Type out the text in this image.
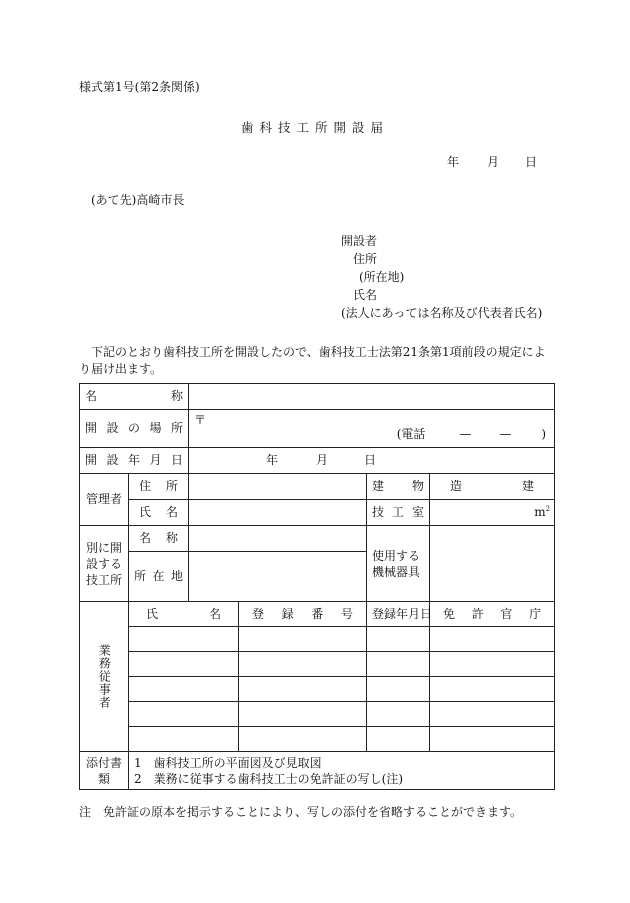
様式第1号(第2条関係)
歯科技工所開設届
年 月 日
(あて先)高崎市長
開設者
住所
(所在地)
氏名
(法人にあっては名称及び代表者氏名)
下記のとおり歯科技工所を開設したので、歯科技工士法第21条第1項前段の規定により届け出ます。
名称					

開設の場所		〒
(電話 — — )			

開設年月日		年 月 日			

管理者	住所			建物	造　　　　　建

	氏名			技工室	$m^2$

別に開設する技工所	名称			使用する機械器具	

	所在地				

業務従事者	氏名		登録番号	登録年月日	免許官庁

添付書類	1　歯科技工所の平面図及び見取図
2　業務に従事する歯科技工士の免許証の写し(注)				
注　免許証の原本を掲示することにより、写しの添付を省略することができます。
